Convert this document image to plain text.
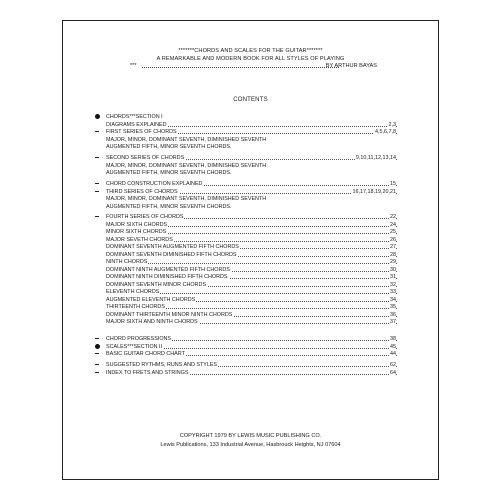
*******CHORDS AND SCALES FOR THE GUITAR*******
A REMARKABLE AND MODERN BOOK FOR ALL STYLES OF PLAYING
***	BY ARTHUR BAYAS
CONTENTS
CHORDS***SECTION I
DIAGRAMS EXPLAINED	2,3
FIRST SERIES OF CHORDS	4,5,6,7,8
MAJOR, MINOR, DOMINANT SEVENTH, DIMINISHED SEVENTH
AUGMENTED FIFTH, MINOR SEVENTH CHORDS.
SECOND SERIES OF CHORDS	9,10,11,12,13,14
MAJOR, MINOR, DOMINANT SEVENTH, DIMINISHED SEVENTH
AUGMENTED FIFTH, MINOR SEVENTH CHORDS.
CHORD CONSTRUCTION EXPLAINED	15
THIRD SERIES OF CHORDS	16,17,18,19,20,21
MAJOR, MINOR, DOMINANT SEVENTH, DIMINISHED SEVENTH
AUGMENTED FIFTH, MINOR SEVENTH CHORDS.
FOURTH SERIES OF CHORDS	22
MAJOR SIXTH CHORDS	24
MINOR SIXTH CHORDS	25
MAJOR SEVETH CHORDS	26
DOMINANT SEVENTH AUGMENTED FIFTH CHORDS	27
DOMINANT SEVENTH DIMINISHED FIFTH CHORDS	28
NINTH CHORDS	29
DOMINANT NINTH AUGMENTED FIFTH CHORDS	30
DOMINANT NINTH DIMINISHED FIFTH CHORDS	31
DOMINANT SEVENTH MINOR CHORDS	32
ELEVENTH CHORDS	33
AUGMENTED ELEVENTH CHORDS	34
THIRTEENTH CHORDS	35
DOMINANT THIRTEENTH MINOR NINTH CHORDS	36
MAJOR SIXTH AND NINTH CHORDS	37
CHORD PROGRESSIONS	38
SCALES***SECTION II	45
BASIC GUITAR CHORD CHART	44
SUGGESTED RYTHMS, RUNS AND STYLES	62
INDEX TO FRETS AND STRINGS	64
COPYRIGHT 1979 BY LEWIS MUSIC PUBLISHING CO.
Lewis Publications, 133 Industrial Avenue, Hasbrouck Heights, NJ 07604
